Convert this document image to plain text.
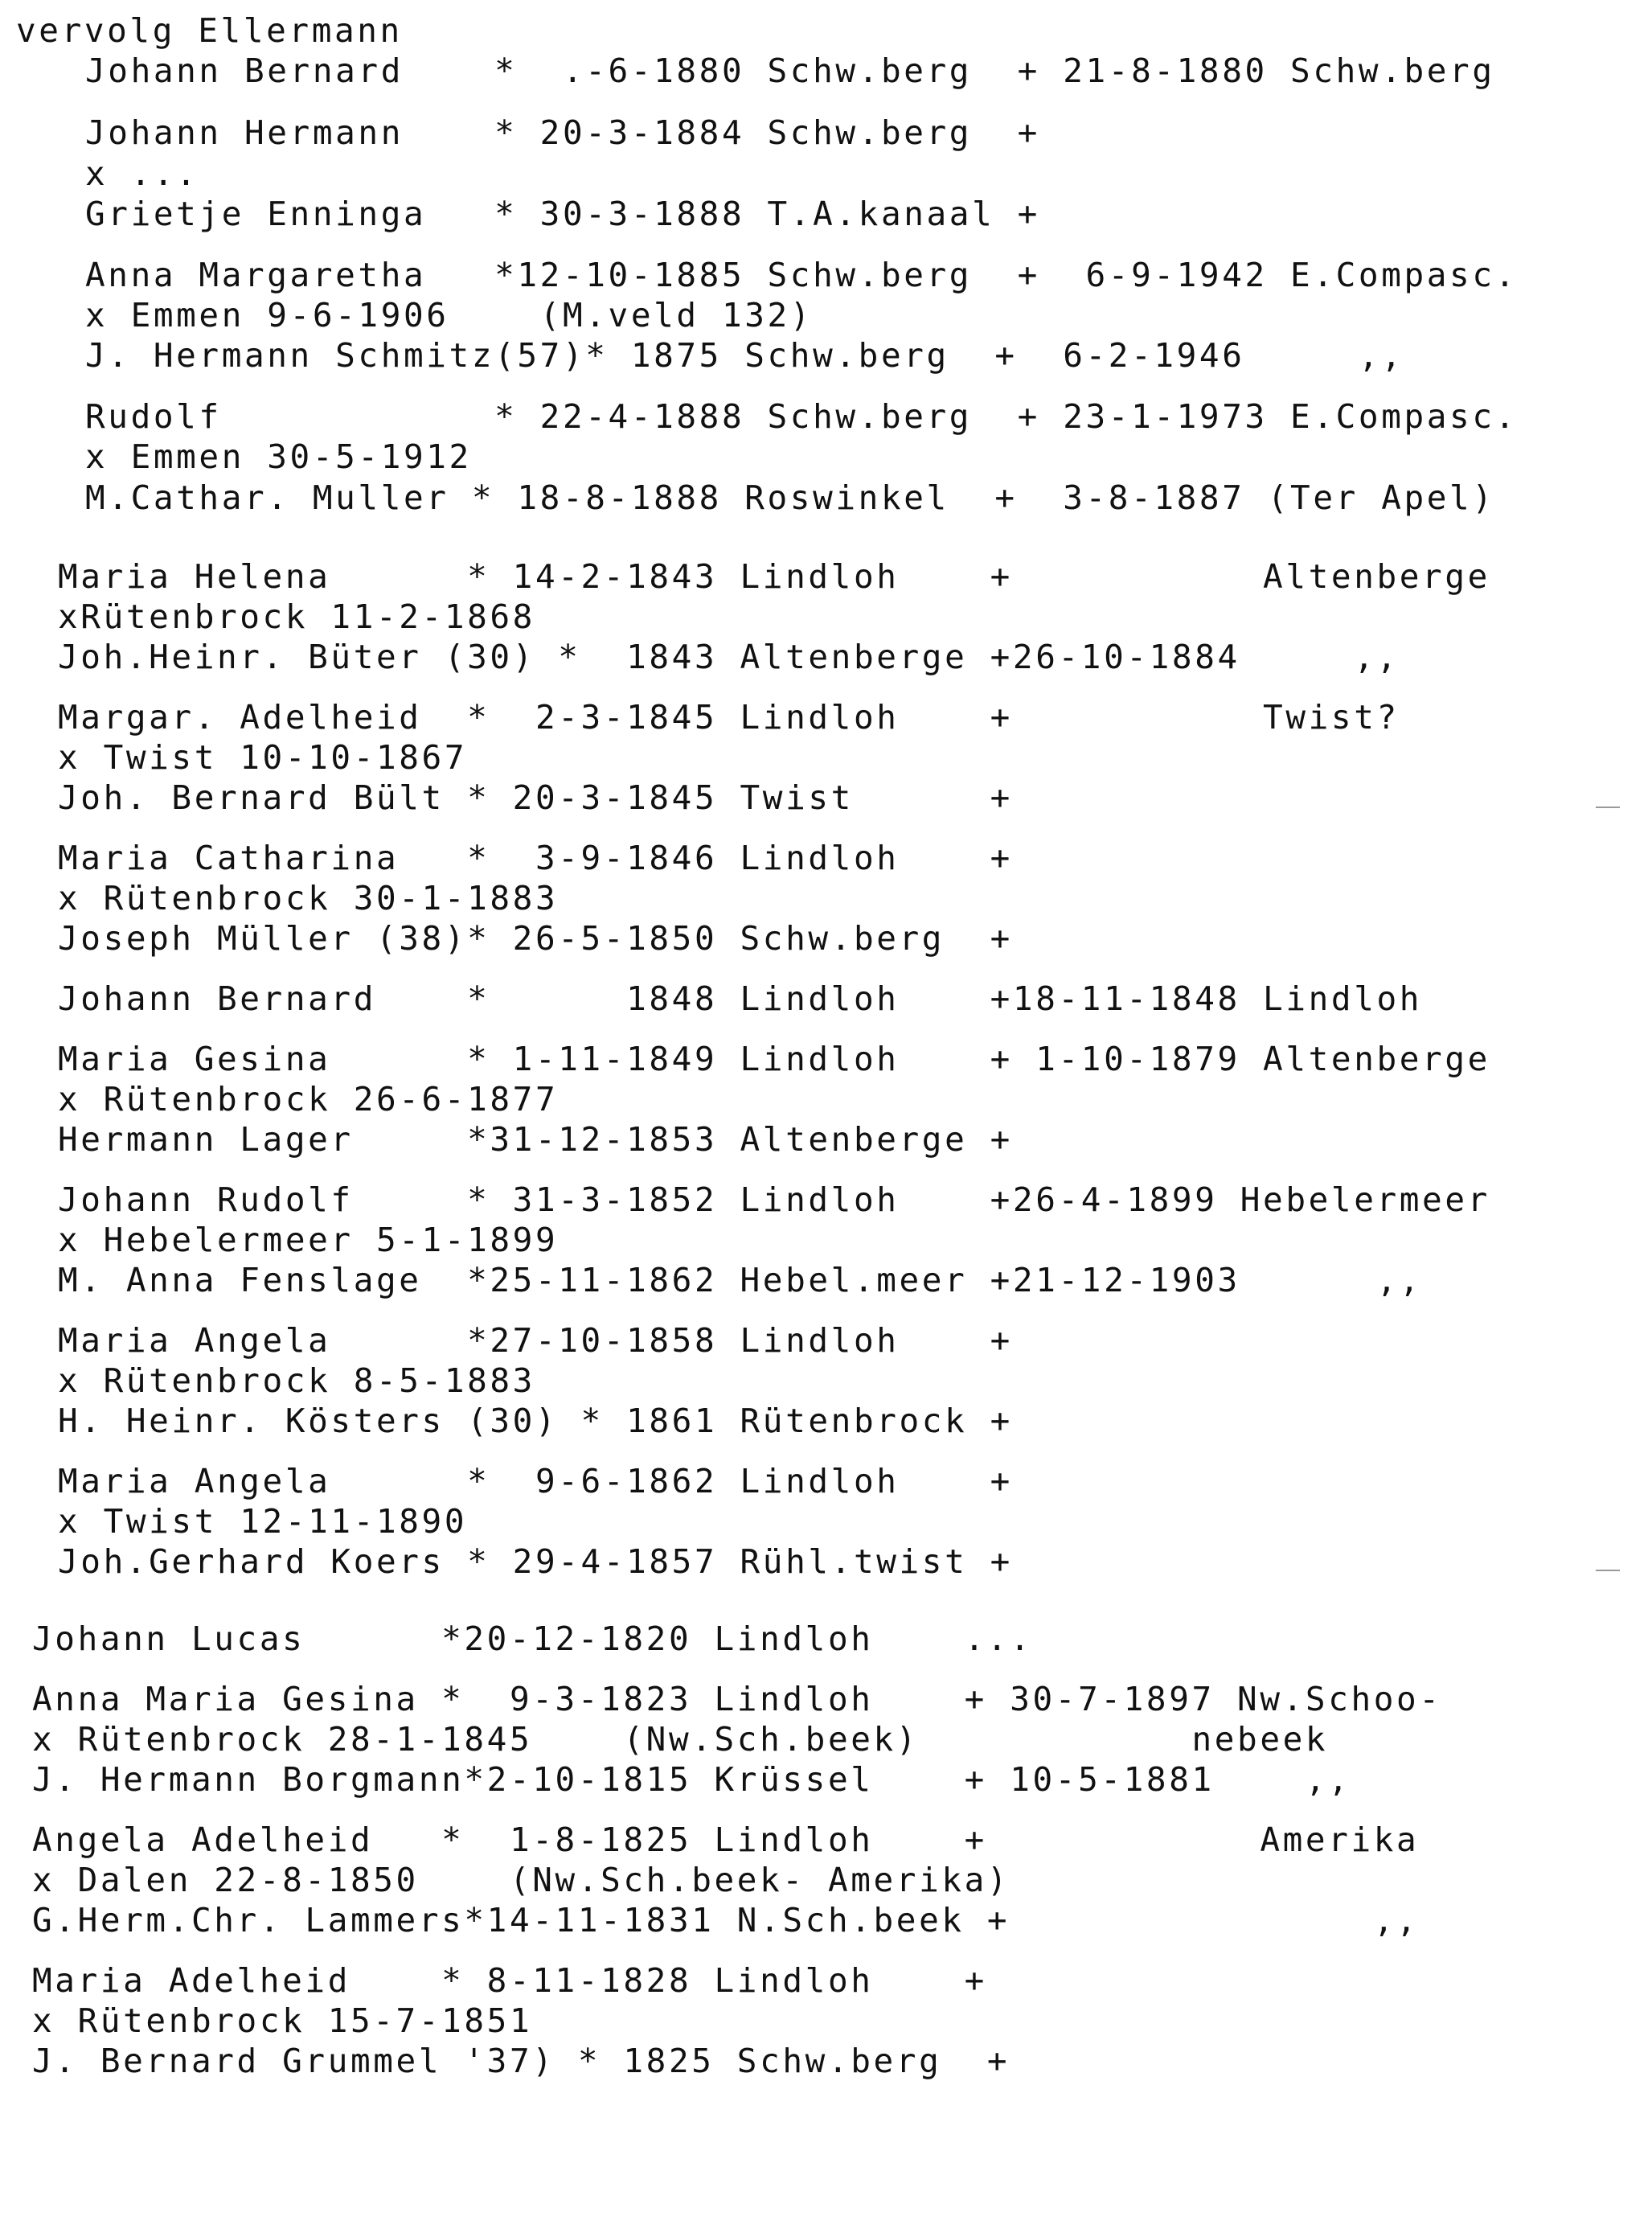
vervolg Ellermann
Johann Bernard    *  .-6-1880 Schw.berg  + 21-8-1880 Schw.berg
Johann Hermann    * 20-3-1884 Schw.berg  +
x ...
Grietje Enninga   * 30-3-1888 T.A.kanaal +
Anna Margaretha   *12-10-1885 Schw.berg  +  6-9-1942 E.Compasc.
x Emmen 9-6-1906    (M.veld 132)
J. Hermann Schmitz(57)* 1875 Schw.berg  +  6-2-1946     ,,
Rudolf            * 22-4-1888 Schw.berg  + 23-1-1973 E.Compasc.
x Emmen 30-5-1912
M.Cathar. Muller * 18-8-1888 Roswinkel  +  3-8-1887 (Ter Apel)
Maria Helena      * 14-2-1843 Lindloh    +           Altenberge
xRütenbrock 11-2-1868
Joh.Heinr. Büter (30) *  1843 Altenberge +26-10-1884     ,,
Margar. Adelheid  *  2-3-1845 Lindloh    +           Twist?
x Twist 10-10-1867
Joh. Bernard Bült * 20-3-1845 Twist      +
Maria Catharina   *  3-9-1846 Lindloh    +
x Rütenbrock 30-1-1883
Joseph Müller (38)* 26-5-1850 Schw.berg  +
Johann Bernard    *      1848 Lindloh    +18-11-1848 Lindloh
Maria Gesina      * 1-11-1849 Lindloh    + 1-10-1879 Altenberge
x Rütenbrock 26-6-1877
Hermann Lager     *31-12-1853 Altenberge +
Johann Rudolf     * 31-3-1852 Lindloh    +26-4-1899 Hebelermeer
x Hebelermeer 5-1-1899
M. Anna Fenslage  *25-11-1862 Hebel.meer +21-12-1903      ,,
Maria Angela      *27-10-1858 Lindloh    +
x Rütenbrock 8-5-1883
H. Heinr. Kösters (30) * 1861 Rütenbrock +
Maria Angela      *  9-6-1862 Lindloh    +
x Twist 12-11-1890
Joh.Gerhard Koers * 29-4-1857 Rühl.twist +
Johann Lucas      *20-12-1820 Lindloh    ...
Anna Maria Gesina *  9-3-1823 Lindloh    + 30-7-1897 Nw.Schoo-
x Rütenbrock 28-1-1845    (Nw.Sch.beek)            nebeek
J. Hermann Borgmann*2-10-1815 Krüssel    + 10-5-1881    ,,
Angela Adelheid   *  1-8-1825 Lindloh    +            Amerika
x Dalen 22-8-1850    (Nw.Sch.beek- Amerika)
G.Herm.Chr. Lammers*14-11-1831 N.Sch.beek +                ,,
Maria Adelheid    * 8-11-1828 Lindloh    +
x Rütenbrock 15-7-1851
J. Bernard Grummel '37) * 1825 Schw.berg  +
